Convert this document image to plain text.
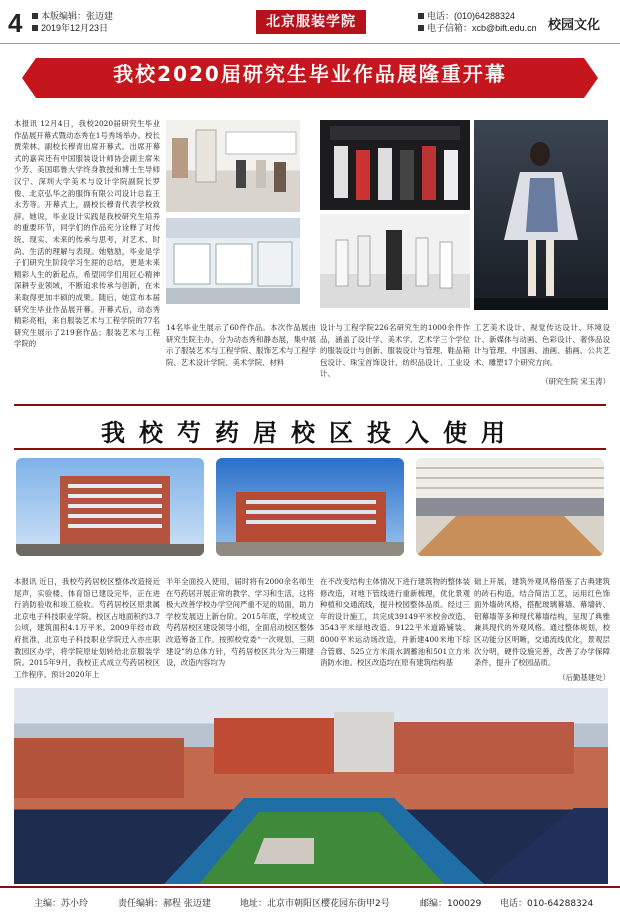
4	本版编辑：张迈建
2019年12月23日	北京服装学院	电话：(010)64288324
电子信箱：xcb@bift.edu.cn 校园文化
我校2020届研究生毕业作品展隆重开幕
本报讯 12月4日，我校2020届研究生毕业作品展开幕式暨动态秀在1号秀场举办。校长贾荣林、副校长穆青出席开幕式。出席开幕式的嘉宾还有中国服装设计师协会副主席朱少芳、美国耶鲁大学终身教授和博士生导师汉宁、深圳大学美术与设计学院副院长罗俊、北京弘华之韵服饰有限公司设计总监王永芳等。开幕式上，副校长穆青代表学校致辞。她说，毕业设计实践是我校研究生培养的重要环节，同学们的作品充分诠释了对传统、现实、未来的传承与思考，对艺术、时尚、生活的理解与表现。她勉励，毕业是学子们研究生阶段学习生涯的总结，更是未来精彩人生的新起点，希望同学们用匠心精神深耕专业领域，不断追求传承与创新，在未来取得更加丰硕的成果。随后，她宣布本届研究生毕业作品展开幕。开幕式后，动态秀精彩亮相，来自服装艺术与工程学院的77名研究生展示了219套作品；服装艺术与工程学院的
14名毕业生展示了60件作品。本次作品展由研究生院主办，分为动态秀和静态展，集中展示了服装艺术与工程学院、服饰艺术与工程学院、艺术设计学院、美术学院、材料
设计与工程学院226名研究生的1000余件作品，涵盖了设计学、美术学、艺术学三个学位的服装设计与创新、服装设计与管理、鞋品箱包设计、珠宝首饰设计、纺织品设计、工业设计、
工艺美术设计、视觉传达设计、环境设计、新媒体与动画、色彩设计、奢侈品设计与管理、中国画、油画、插画、公共艺术、雕塑17个研究方向。
（研究生院 宋玉涛）
我校芍药居校区投入使用
本报讯 近日，我校芍药居校区整体改造接近尾声，实验楼、体育馆已建设完毕，正在进行消防验收和竣工验收。芍药居校区原隶属北京电子科技职业学院。校区占地面积约3.7公顷，建筑面积4.1万平米。2009年经市政府批准，北京电子科技职业学院迁入亦庄职教园区办学，将学院原址划转给北京服装学院。2015年9月，我校正式成立芍药居校区工作程序。预计2020年上
半年全面投入使用，届时将有2000余名师生在芍药居开展正常的教学、学习和生活，这将极大改善学校办学空间严重不足的局面，助力学校发展迈上新台阶。2015年底，学校成立芍药居校区建设领导小组，全面启动校区整体改造筹备工作。按照校党委“一次规划、三期建设”的总体方针，芍药居校区共分为三期建设，改造内容均为
在不改变结构主体情况下进行建筑物的整体装修改造，对地下管线进行重新梳理，优化景观种植和交通流线，提升校园整体品质。经过三年的设计施工，共完成39149平米校舍改造、3543平米绿地改造、9122平米道路铺装、8000平米运动场改造，并新建400米地下综合管廊、525立方米雨水调蓄池和501立方米消防水池。校区改造均在原有建筑结构基
础上开展，建筑外观风格借鉴了古典建筑的砖石构造，结合简洁工艺，运用红色饰面外墙砖风格，搭配玻璃幕墙、幕墙砖、铝幕墙等多种现代幕墙结构，呈现了典雅兼具现代的外观风格。通过整体规划，校区功能分区明晰，交通流线优化，景观层次分明，硬件设施完善，改善了办学保障条件，提升了校园品质。
（后勤基建处）
主编：苏小玲	责任编辑：郝程 张迈建	地址：北京市朝阳区樱花园东街甲2号	邮编：100029 电话：010-64288324
